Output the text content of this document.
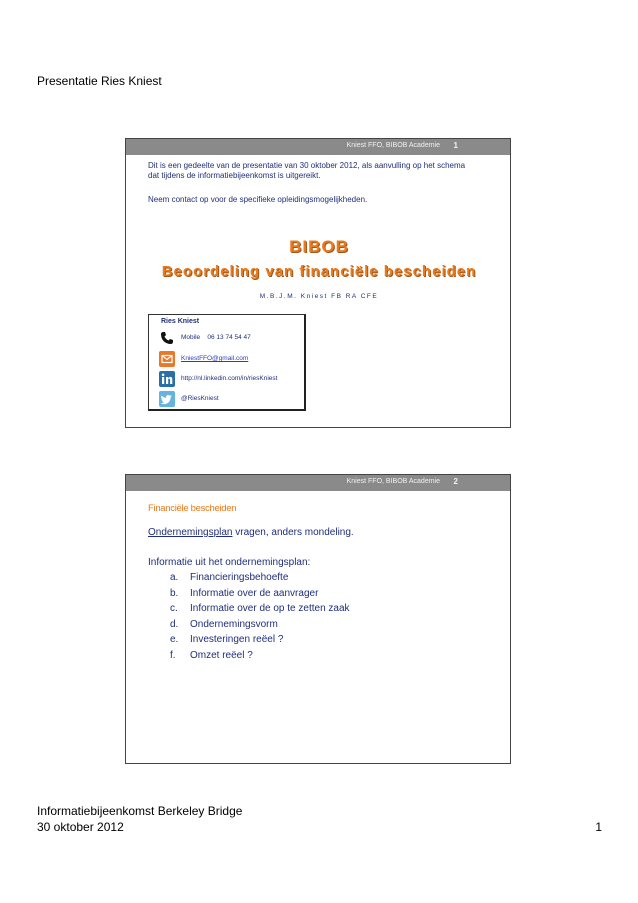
Presentatie Ries Kniest
Kniest FFO, BIBOB Academie 1
Dit is een gedeelte van de presentatie van 30 oktober 2012, als aanvulling op het schema dat tijdens de informatiebijeenkomst is uitgereikt.
Neem contact op voor de specifieke opleidingsmogelijkheden.
BIBOB
Beoordeling van financiële bescheiden
M.B.J.M. Kniest FB RA CFE
Ries Kniest
Mobile 06 13 74 54 47
KniestFFO@gmail.com
http://nl.linkedin.com/in/riesKniest
@RiesKniest
Kniest FFO, BIBOB Academie 2
Financiële bescheiden
Ondernemingsplan vragen, anders mondeling.
Informatie uit het ondernemingsplan:
a. Financieringsbehoefte
b. Informatie over de aanvrager
c. Informatie over de op te zetten zaak
d. Ondernemingsvorm
e. Investeringen reëel ?
f. Omzet reëel ?
Informatiebijeenkomst Berkeley Bridge
30 oktober 2012	1
